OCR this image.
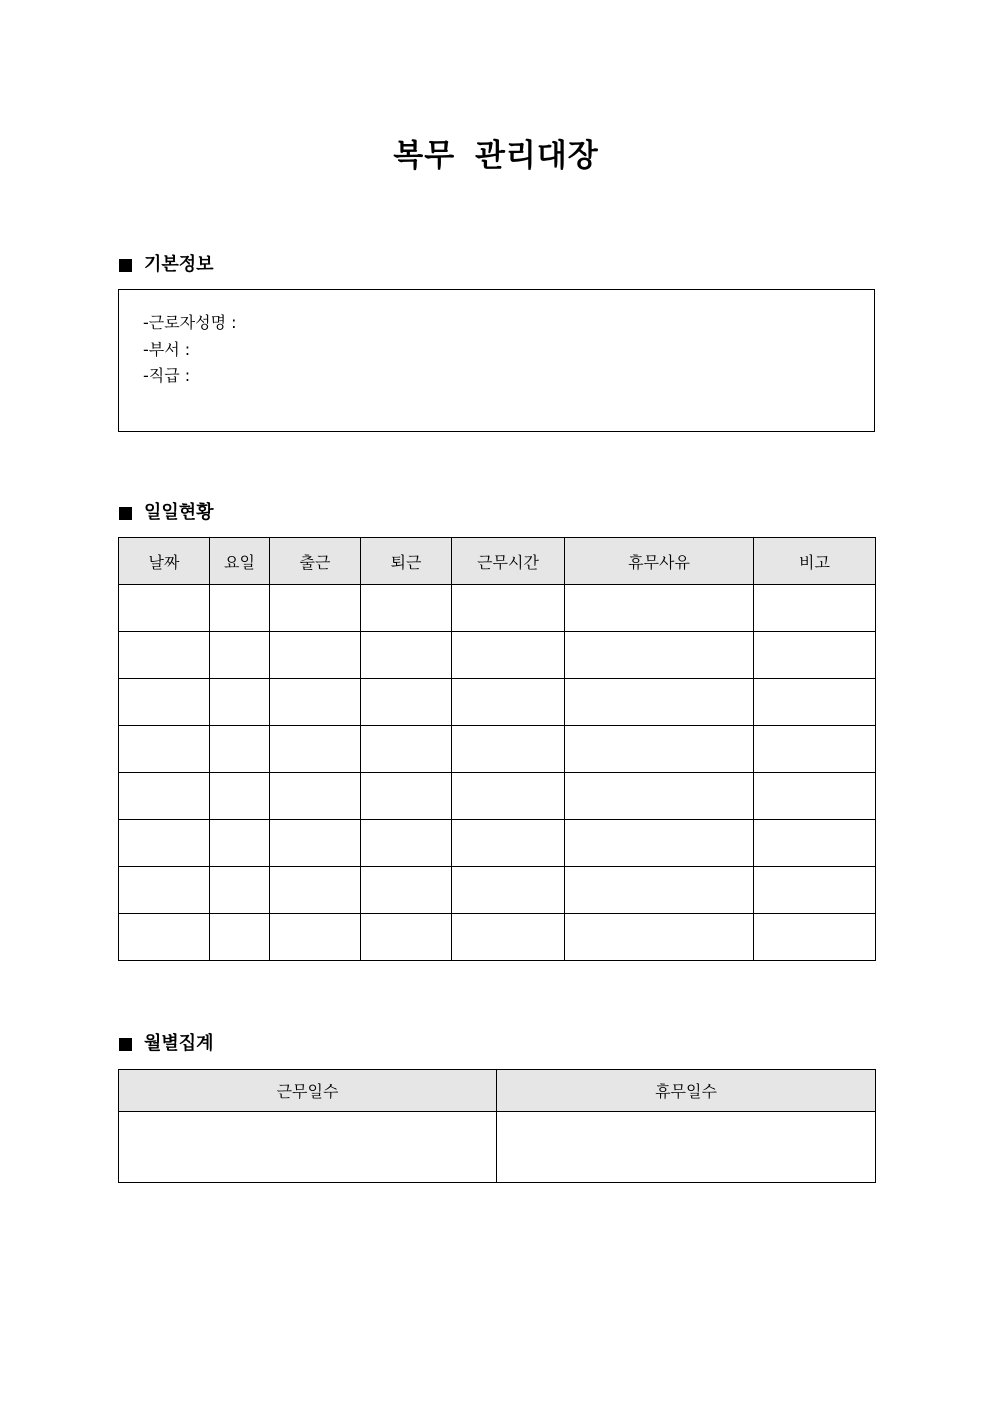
복무 관리대장
기본정보
-근로자성명 :
-부서 :
-직급 :
일일현황
날짜	요일	출근	퇴근	근무시간	휴무사유	비고

월별집계
근무일수	휴무일수
